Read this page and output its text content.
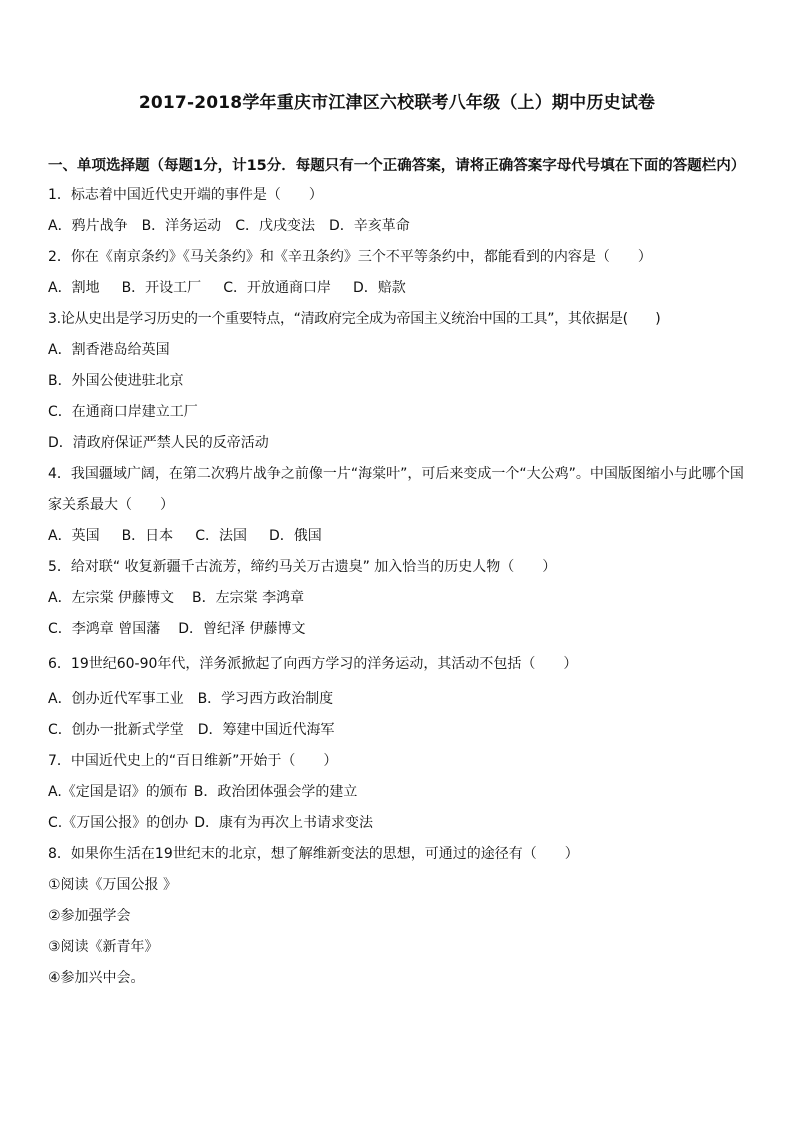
2017-2018学年重庆市江津区六校联考八年级（上）期中历史试卷

一、单项选择题（每题1分，计15分．每题只有一个正确答案，请将正确答案字母代号填在下面的答题栏内）

1．标志着中国近代史开端的事件是（　　）

A．鸦片战争 B．洋务运动 C．戊戌变法 D．辛亥革命

2．你在《南京条约》《马关条约》和《辛丑条约》三个不平等条约中，都能看到的内容是（　　）

A．割地 B．开设工厂 C．开放通商口岸 D．赔款

3.论从史出是学习历史的一个重要特点，“清政府完全成为帝国主义统治中国的工具”，其依据是(　　)

A．割香港岛给英国

B．外国公使进驻北京

C．在通商口岸建立工厂

D．清政府保证严禁人民的反帝活动

4．我国疆域广阔，在第二次鸦片战争之前像一片“海棠叶”，可后来变成一个“大公鸡”。中国版图缩小与此哪个国家关系最大（　　）

A．英国 B．日本 C．法国 D．俄国

5．给对联“ 收复新疆千古流芳，缔约马关万古遗臭” 加入恰当的历史人物（　　）

A．左宗棠 伊藤博文 B．左宗棠 李鸿章

C．李鸿章 曾国藩 D．曾纪泽 伊藤博文

6．19世纪60-90年代，洋务派掀起了向西方学习的洋务运动，其活动不包括（　　）

A．创办近代军事工业 B．学习西方政治制度

C．创办一批新式学堂 D．筹建中国近代海军

7．中国近代史上的“百日维新”开始于（　　）

A.《定国是诏》的颁布 B．政治团体强会学的建立

C.《万国公报》的创办 D．康有为再次上书请求变法

8．如果你生活在19世纪末的北京，想了解维新变法的思想，可通过的途径有（　　）

①阅读《万国公报 》

②参加强学会

③阅读《新青年》

④参加兴中会。
